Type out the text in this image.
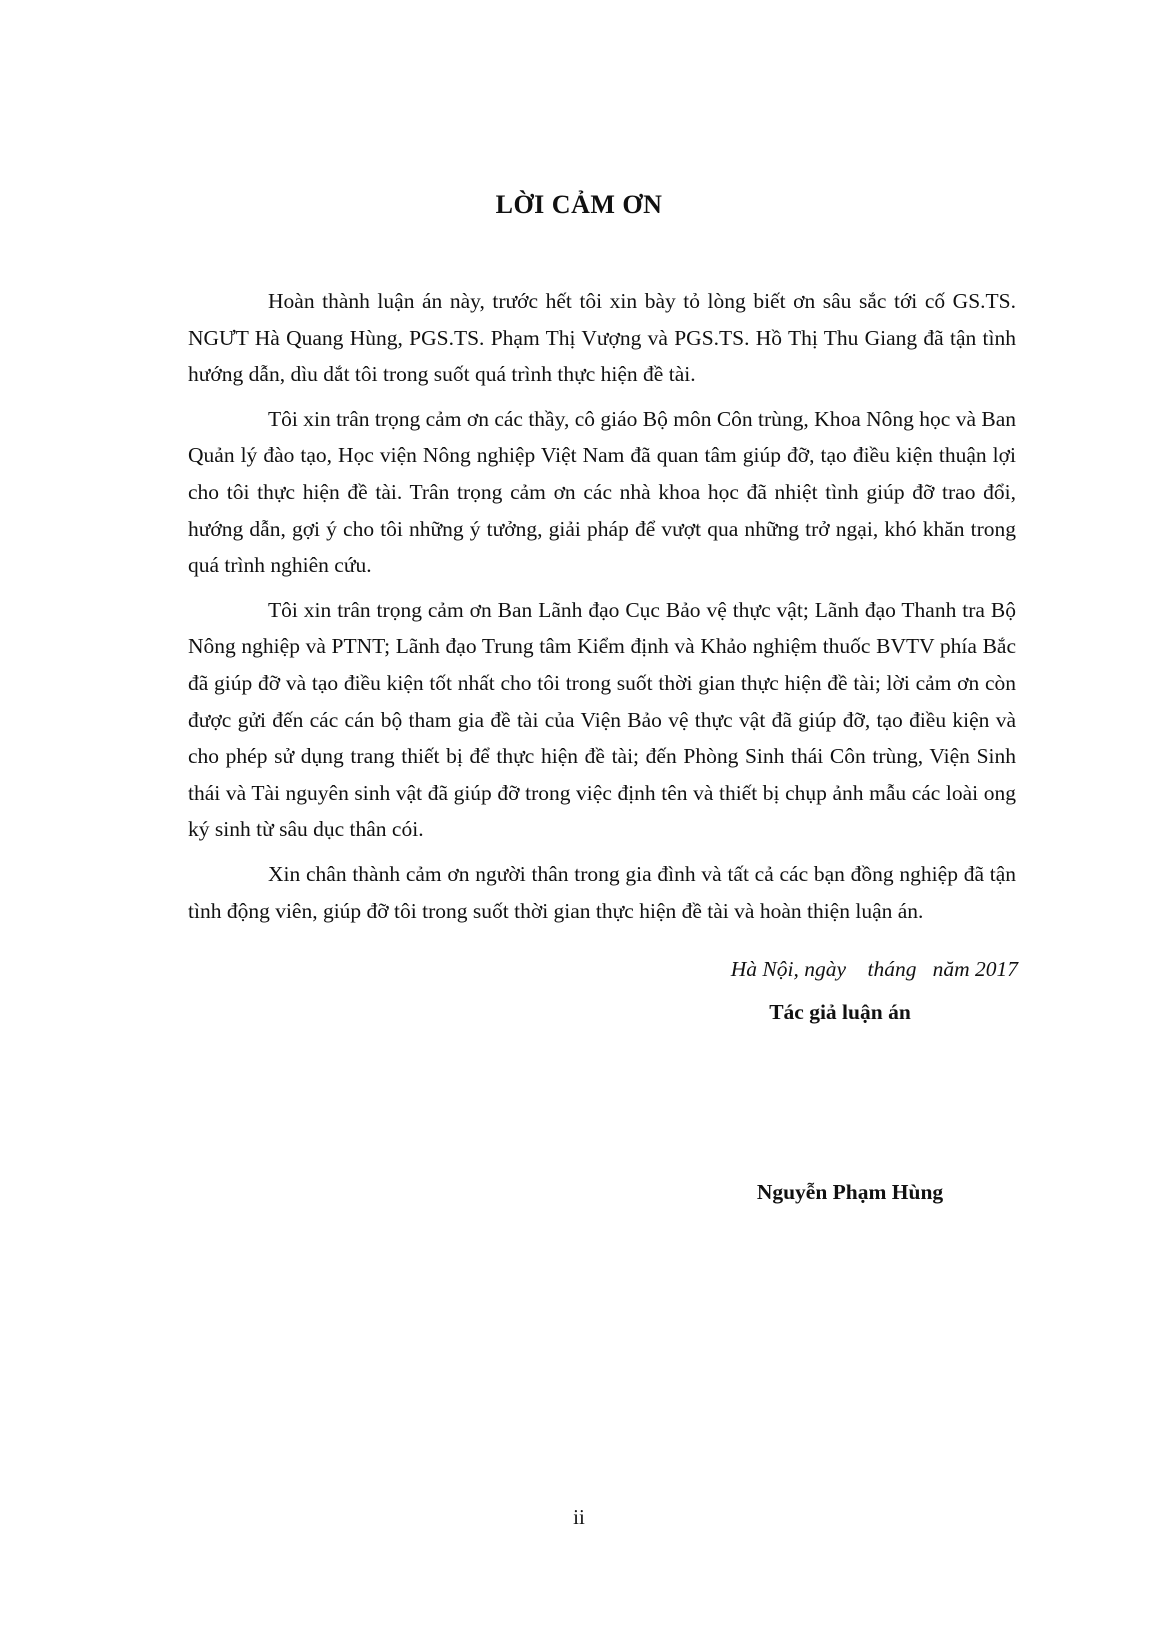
LỜI CẢM ƠN

Hoàn thành luận án này, trước hết tôi xin bày tỏ lòng biết ơn sâu sắc tới cố GS.TS. NGƯT Hà Quang Hùng, PGS.TS. Phạm Thị Vượng và PGS.TS. Hồ Thị Thu Giang đã tận tình hướng dẫn, dìu dắt tôi trong suốt quá trình thực hiện đề tài.

Tôi xin trân trọng cảm ơn các thầy, cô giáo Bộ môn Côn trùng, Khoa Nông học và Ban Quản lý đào tạo, Học viện Nông nghiệp Việt Nam đã quan tâm giúp đỡ, tạo điều kiện thuận lợi cho tôi thực hiện đề tài. Trân trọng cảm ơn các nhà khoa học đã nhiệt tình giúp đỡ trao đổi, hướng dẫn, gợi ý cho tôi những ý tưởng, giải pháp để vượt qua những trở ngại, khó khăn trong quá trình nghiên cứu.

Tôi xin trân trọng cảm ơn Ban Lãnh đạo Cục Bảo vệ thực vật; Lãnh đạo Thanh tra Bộ Nông nghiệp và PTNT; Lãnh đạo Trung tâm Kiểm định và Khảo nghiệm thuốc BVTV phía Bắc đã giúp đỡ và tạo điều kiện tốt nhất cho tôi trong suốt thời gian thực hiện đề tài; lời cảm ơn còn được gửi đến các cán bộ tham gia đề tài của Viện Bảo vệ thực vật đã giúp đỡ, tạo điều kiện và cho phép sử dụng trang thiết bị để thực hiện đề tài; đến Phòng Sinh thái Côn trùng, Viện Sinh thái và Tài nguyên sinh vật đã giúp đỡ trong việc định tên và thiết bị chụp ảnh mẫu các loài ong ký sinh từ sâu dục thân cói.

Xin chân thành cảm ơn người thân trong gia đình và tất cả các bạn đồng nghiệp đã tận tình động viên, giúp đỡ tôi trong suốt thời gian thực hiện đề tài và hoàn thiện luận án.

Hà Nội, ngày    tháng   năm 2017
Tác giả luận án
Nguyễn Phạm Hùng
ii
